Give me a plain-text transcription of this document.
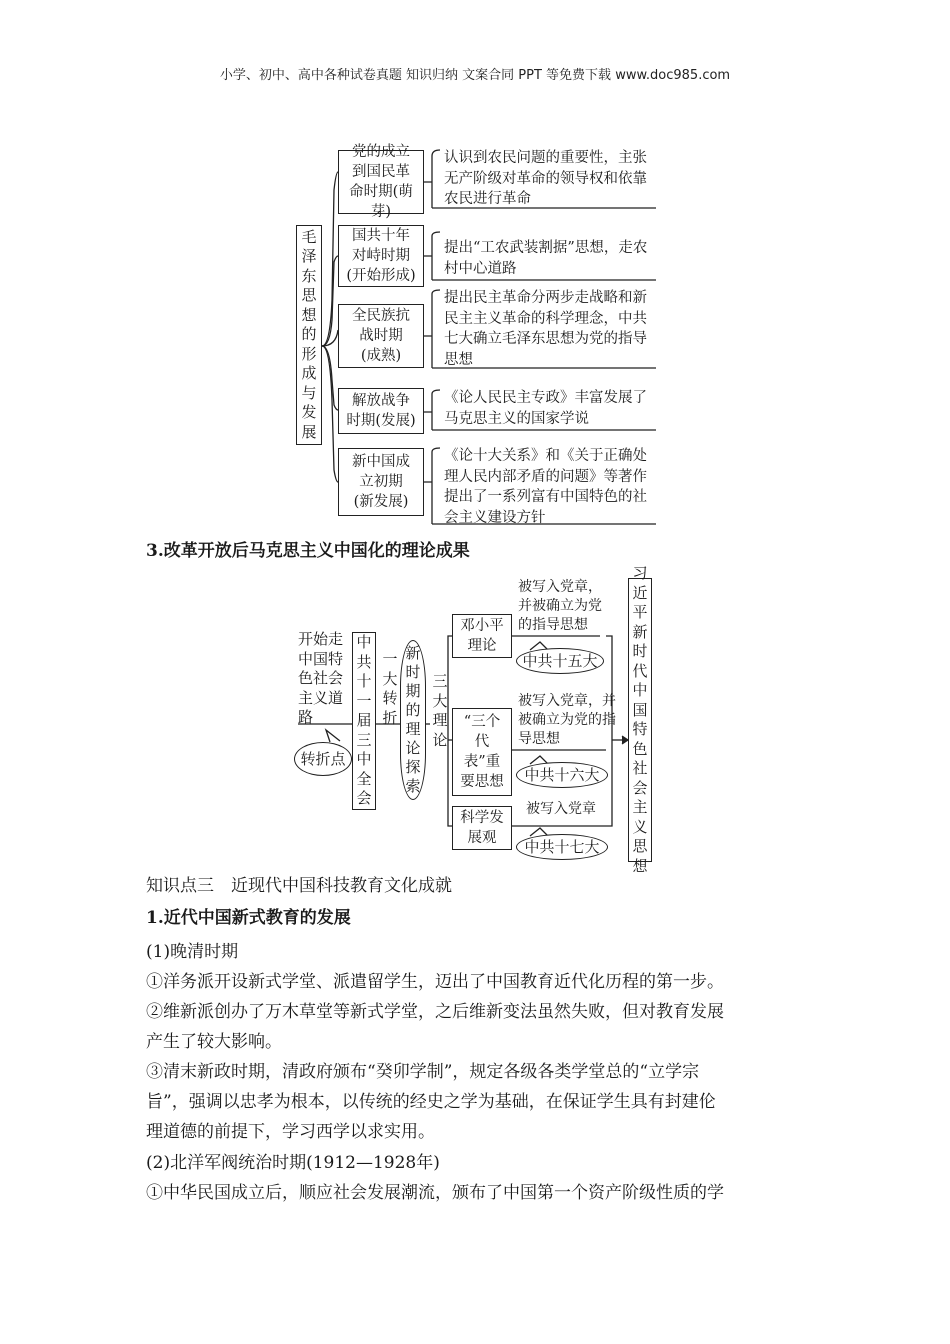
小学、初中、高中各种试卷真题 知识归纳 文案合同 PPT 等免费下载 www.doc985.com
毛泽东思想的形成与发展
党的成立到国民革命时期(萌芽)
国共十年对峙时期(开始形成)
全民族抗战时期(成熟)
解放战争时期(发展)
新中国成立初期(新发展)
认识到农民问题的重要性，主张无产阶级对革命的领导权和依靠农民进行革命
提出“工农武装割据”思想，走农村中心道路
提出民主革命分两步走战略和新民主主义革命的科学理念，中共七大确立毛泽东思想为党的指导思想
《论人民民主专政》丰富发展了马克思主义的国家学说
《论十大关系》和《关于正确处理人民内部矛盾的问题》等著作提出了一系列富有中国特色的社会主义建设方针
3.改革开放后马克思主义中国化的理论成果
开始走中国特色社会主义道路
转折点
中共十一届三中全会
一大转折
新时期的理论探索
三大理论
邓小平理论
“三个代表”重要思想
科学发展观
被写入党章，并被确立为党的指导思想
被写入党章，并被确立为党的指导思想
被写入党章
中共十五大
中共十六大
中共十七大
习近平新时代中国特色社会主义思想
知识点三　近现代中国科技教育文化成就
1.近代中国新式教育的发展
(1)晚清时期
①洋务派开设新式学堂、派遣留学生，迈出了中国教育近代化历程的第一步。
②维新派创办了万木草堂等新式学堂，之后维新变法虽然失败，但对教育发展
产生了较大影响。
③清末新政时期，清政府颁布“癸卯学制”，规定各级各类学堂总的“立学宗
旨”，强调以忠孝为根本，以传统的经史之学为基础，在保证学生具有封建伦
理道德的前提下，学习西学以求实用。
(2)北洋军阀统治时期(1912—1928年)
①中华民国成立后，顺应社会发展潮流，颁布了中国第一个资产阶级性质的学
